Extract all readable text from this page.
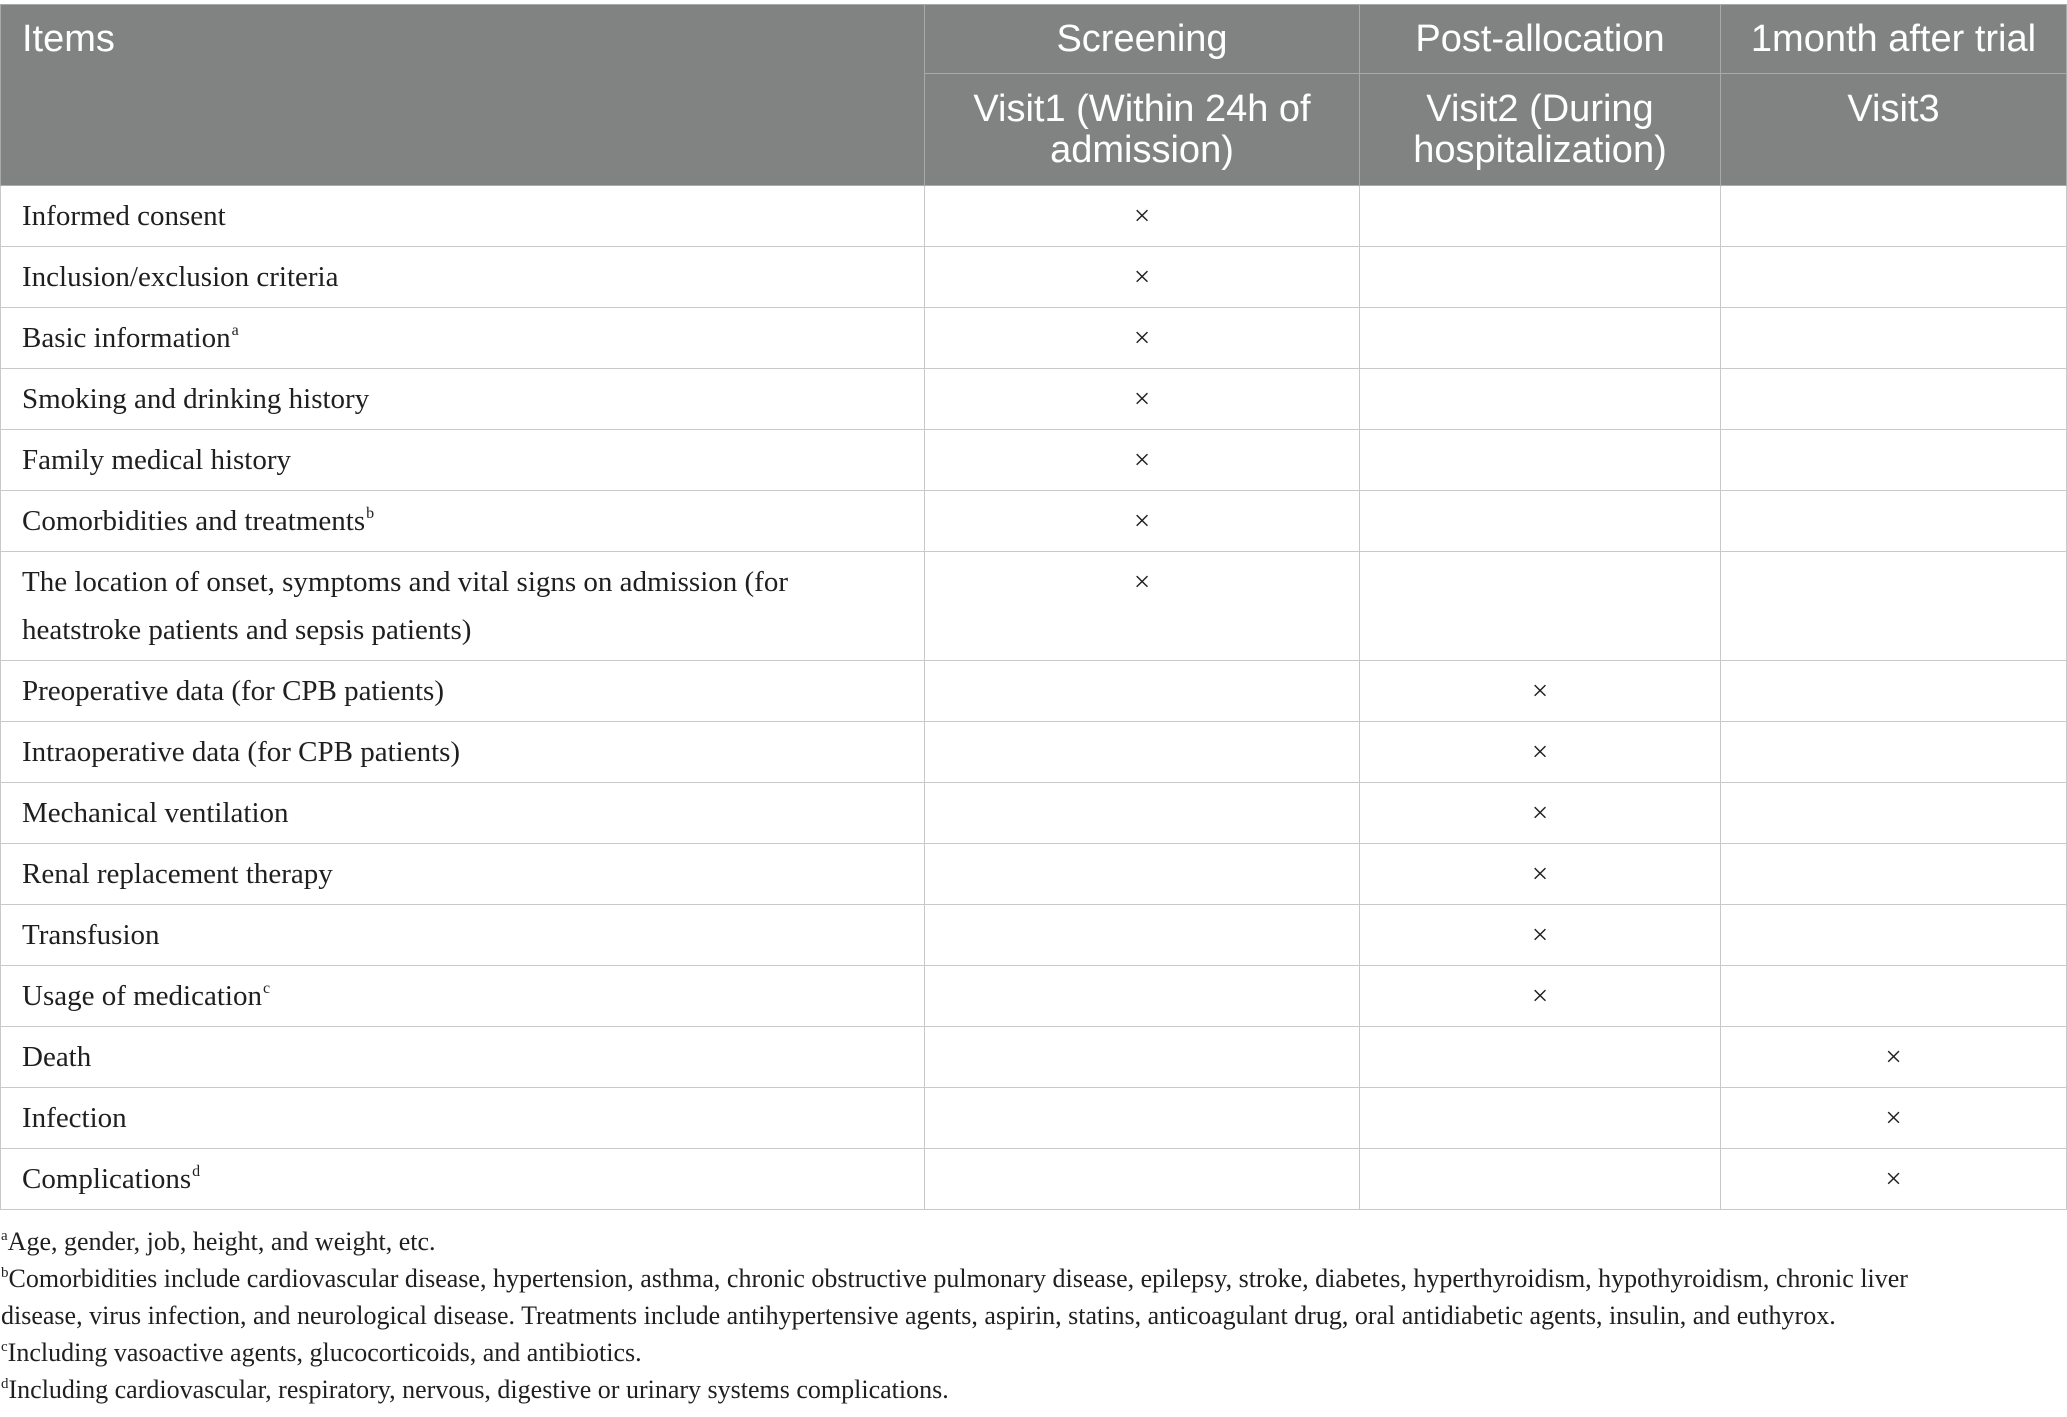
Items	Screening	Post-allocation	1month after trial
	Visit1 (Within 24h of admission)	Visit2 (During hospitalization)	Visit3
Informed consent	×		
Inclusion/exclusion criteria	×		
Basic information$^a$	×		
Smoking and drinking history	×		
Family medical history	×		
Comorbidities and treatments$^b$	×		
The location of onset, symptoms and vital signs on admission (for heatstroke patients and sepsis patients)	×		
Preoperative data (for CPB patients)		×	
Intraoperative data (for CPB patients)		×	
Mechanical ventilation		×	
Renal replacement therapy		×	
Transfusion		×	
Usage of medication$^c$		×	
Death			×
Infection			×
Complications$^d$			×

$^a$Age, gender, job, height, and weight, etc.

$^b$Comorbidities include cardiovascular disease, hypertension, asthma, chronic obstructive pulmonary disease, epilepsy, stroke, diabetes, hyperthyroidism, hypothyroidism, chronic liver disease, virus infection, and neurological disease. Treatments include antihypertensive agents, aspirin, statins, anticoagulant drug, oral antidiabetic agents, insulin, and euthyrox.

$^c$Including vasoactive agents, glucocorticoids, and antibiotics.

$^d$Including cardiovascular, respiratory, nervous, digestive or urinary systems complications.
